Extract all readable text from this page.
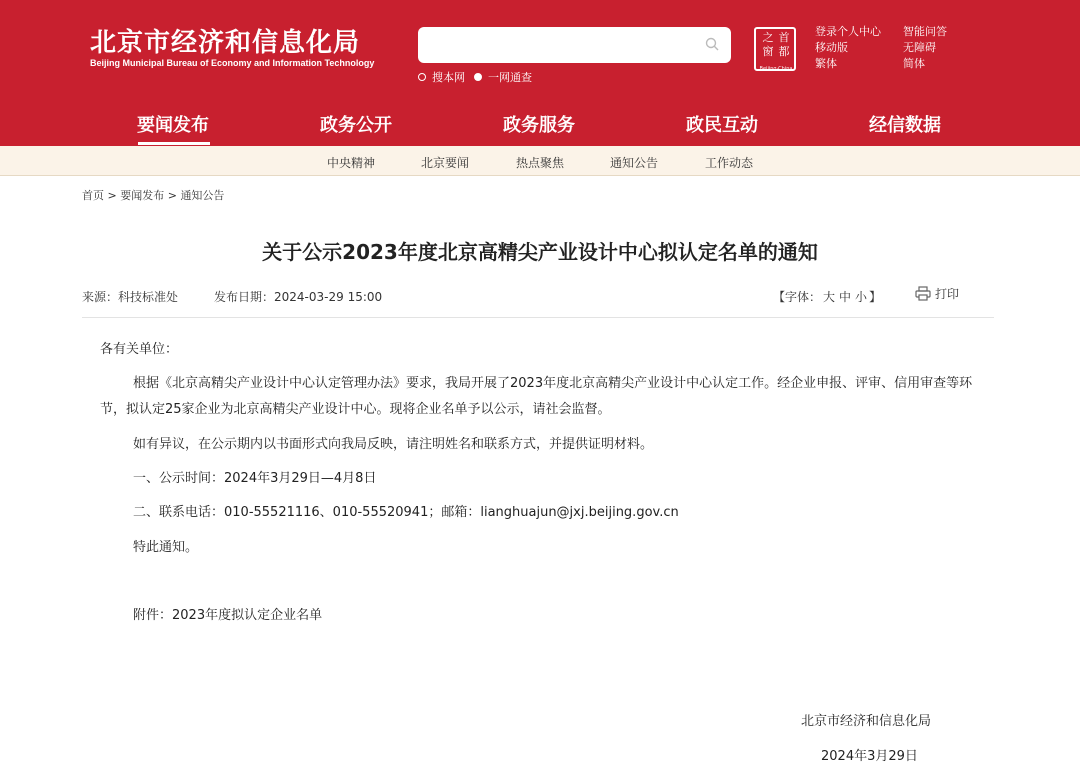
北京市经济和信息化局
Beijing Municipal Bureau of Economy and Information Technology
搜本网 一网通查
之 首
窗 都
Beijing·China
登录个人中心
移动版
繁体
智能问答
无障碍
简体
要闻发布	政务公开	政务服务	政民互动	经信数据
中央精神	北京要闻	热点聚焦	通知公告	工作动态
首页 > 要闻发布 > 通知公告
关于公示2023年度北京高精尖产业设计中心拟认定名单的通知
来源：科技标准处	发布日期：2024-03-29 15:00	【字体： 大 中 小 】	打印
各有关单位：
根据《北京高精尖产业设计中心认定管理办法》要求，我局开展了2023年度北京高精尖产业设计中心认定工作。经企业申报、评审、信用审查等环节，拟认定25家企业为北京高精尖产业设计中心。现将企业名单予以公示，请社会监督。
如有异议，在公示期内以书面形式向我局反映，请注明姓名和联系方式，并提供证明材料。
一、公示时间：2024年3月29日—4月8日
二、联系电话：010-55521116、010-55520941；邮箱：lianghuajun@jxj.beijing.gov.cn
特此通知。
附件：2023年度拟认定企业名单
北京市经济和信息化局
2024年3月29日
